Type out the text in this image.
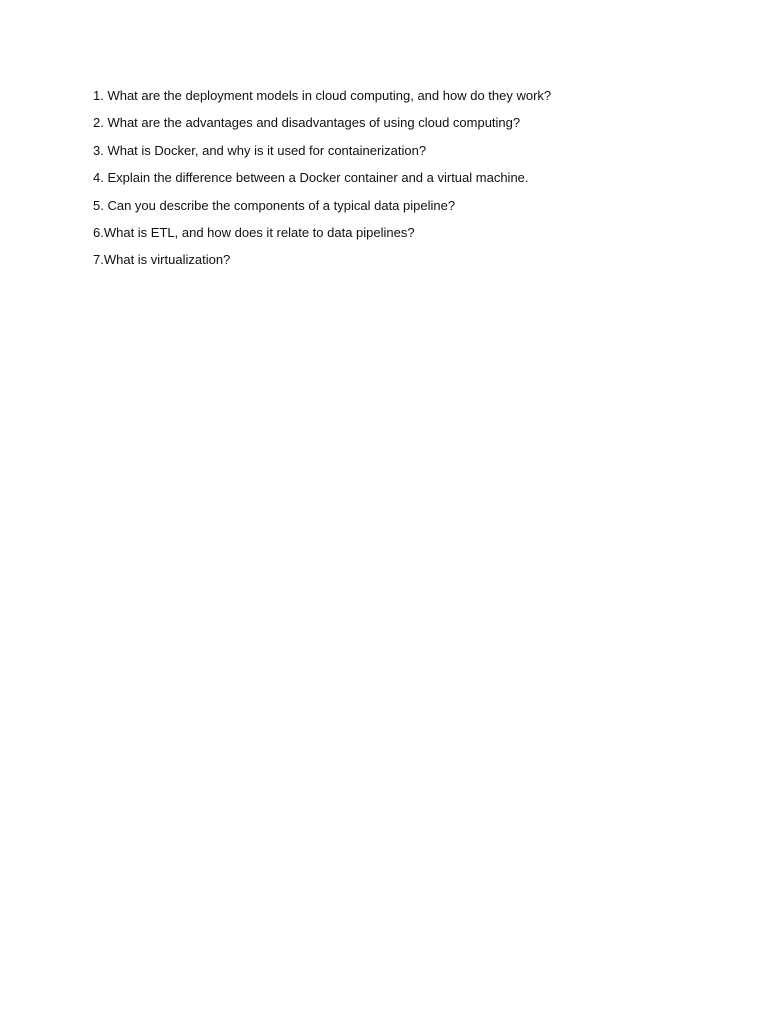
1. What are the deployment models in cloud computing, and how do they work?
2. What are the advantages and disadvantages of using cloud computing?
3. What is Docker, and why is it used for containerization?
4. Explain the difference between a Docker container and a virtual machine.
5. Can you describe the components of a typical data pipeline?
6.What is ETL, and how does it relate to data pipelines?
7.What is virtualization?
